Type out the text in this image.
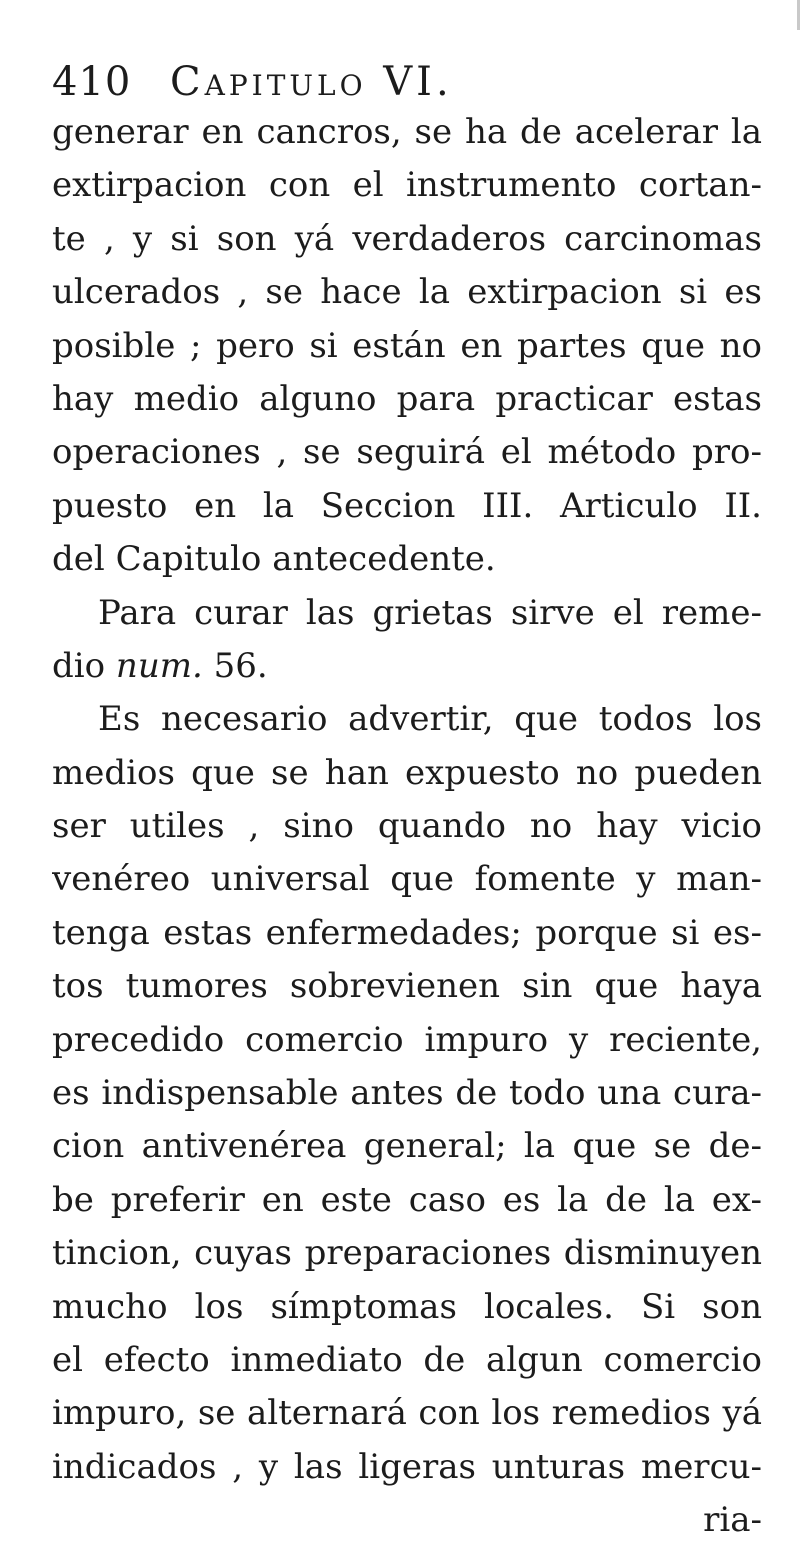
410 Capitulo VI.
generar en cancros, se ha de acelerar la
extirpacion con el instrumento cortan-
te , y si son yá verdaderos carcinomas
ulcerados , se hace la extirpacion si es
posible ; pero si están en partes que no
hay medio alguno para practicar estas
operaciones , se seguirá el método pro-
puesto en la Seccion III. Articulo II.
del Capitulo antecedente.
Para curar las grietas sirve el reme-
dio num. 56.
Es necesario advertir, que todos los
medios que se han expuesto no pueden
ser utiles , sino quando no hay vicio
venéreo universal que fomente y man-
tenga estas enfermedades; porque si es-
tos tumores sobrevienen sin que haya
precedido comercio impuro y reciente,
es indispensable antes de todo una cura-
cion antivenérea general; la que se de-
be preferir en este caso es la de la ex-
tincion, cuyas preparaciones disminuyen
mucho los símptomas locales. Si son
el efecto inmediato de algun comercio
impuro, se alternará con los remedios yá
indicados , y las ligeras unturas mercu-
ria-
